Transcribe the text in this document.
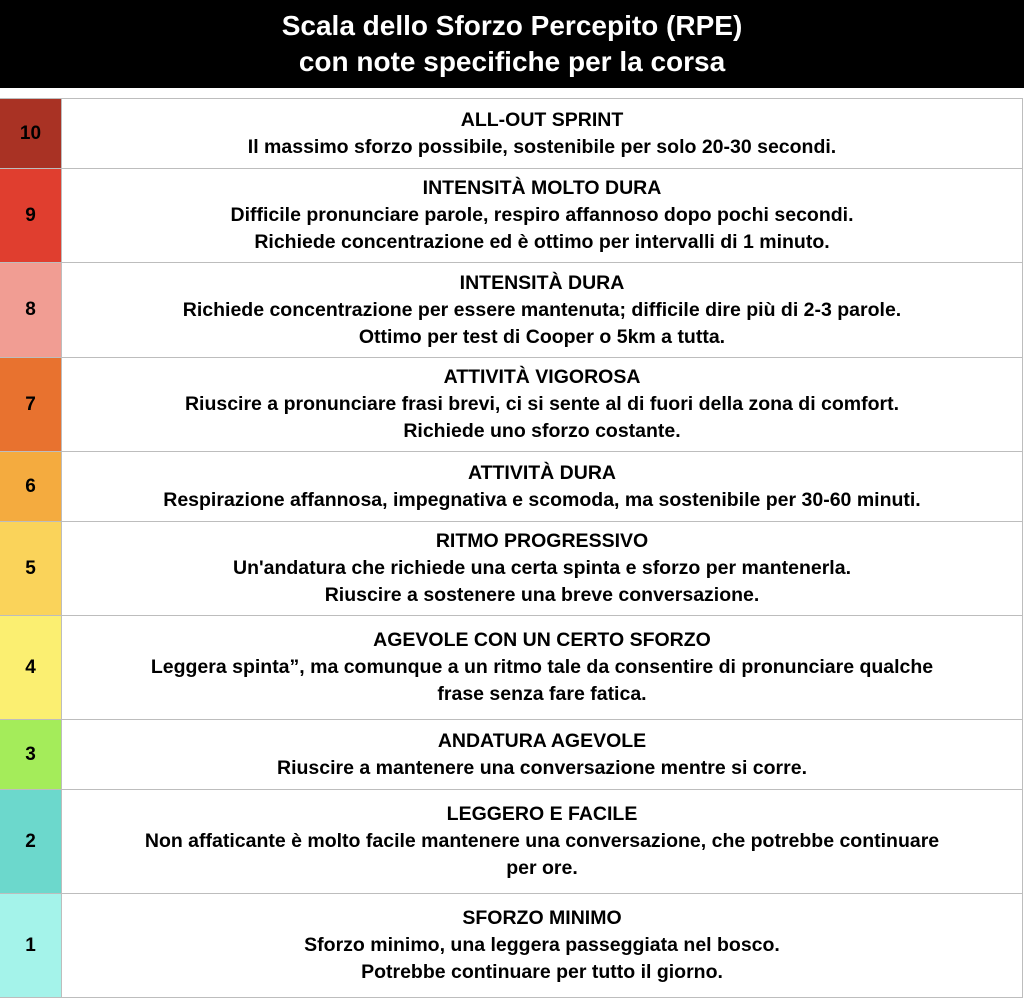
Scala dello Sforzo Percepito (RPE)
con note specifiche per la corsa
10
ALL-OUT SPRINT
Il massimo sforzo possibile, sostenibile per solo 20-30 secondi.
9
INTENSITÀ MOLTO DURA
Difficile pronunciare parole, respiro affannoso dopo pochi secondi.
Richiede concentrazione ed è ottimo per intervalli di 1 minuto.
8
INTENSITÀ DURA
Richiede concentrazione per essere mantenuta; difficile dire più di 2-3 parole.
Ottimo per test di Cooper o 5km a tutta.
7
ATTIVITÀ VIGOROSA
Riuscire a pronunciare frasi brevi, ci si sente al di fuori della zona di comfort.
Richiede uno sforzo costante.
6
ATTIVITÀ DURA
Respirazione affannosa, impegnativa e scomoda, ma sostenibile per 30-60 minuti.
5
RITMO PROGRESSIVO
Un'andatura che richiede una certa spinta e sforzo per mantenerla.
Riuscire a sostenere una breve conversazione.
4
AGEVOLE CON UN CERTO SFORZO
Leggera spinta”, ma comunque a un ritmo tale da consentire di pronunciare qualche
frase senza fare fatica.
3
ANDATURA AGEVOLE
Riuscire a mantenere una conversazione mentre si corre.
2
LEGGERO E FACILE
Non affaticante è molto facile mantenere una conversazione, che potrebbe continuare
per ore.
1
SFORZO MINIMO
Sforzo minimo, una leggera passeggiata nel bosco.
Potrebbe continuare per tutto il giorno.
